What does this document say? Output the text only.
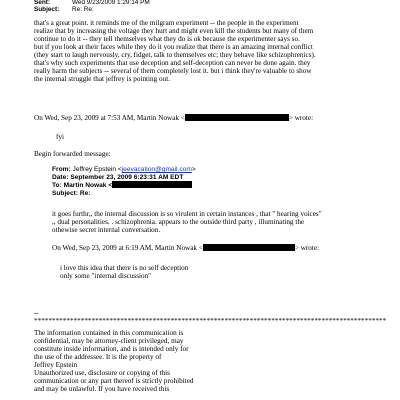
Sent:	Wed 9/23/2009 1:29:14 PM
Subject: Re: Re:
that's a great point. it reminds me of the milgram experiment -- the people in the experiment
realize that by increasing the voltage they hurt and might even kill the students but many of them
continue to do it -- they tell themselves what they do is ok because the experimenter says so.
but if you look at their faces while they do it you realize that there is an amazing internal conflict
(they start to laugh nervously, cry, fidget, talk to themselves etc; they behave like schizophrenics).
that's why such experiments that use deception and self-deception can never be done again. they
really harm the subjects -- several of them completely lost it. but i think they're valuable to show
the internal struggle that jeffrey is pointing out.
On Wed, Sep 23, 2009 at 7:53 AM, Martin Nowak <	> wrote:
fyi
Begin forwarded message:
From: Jeffrey Epstein <jeevacation@gmail.com>
Date: September 23, 2009 6:23:31 AM EDT
To: Martin Nowak <
Subject: Re:
it goes furthr,, the internal discussion is so virulent in certain instances , that " hearing voices"
,, dual personalities. . schizophrenia. appears to the outside third party , illuminating the
othewise secret internal conversation.
On Wed, Sep 23, 2009 at 6:19 AM, Martin Nowak <	> wrote:
i love this idea that there is no self deception
only some "internal discussion"
--
**************************************************************************************************
The information contained in this communication is
confidential, may be attorney-client privileged, may
constitute inside information, and is intended only for
the use of the addressee. It is the property of
Jeffrey Epstein
Unauthorized use, disclosure or copying of this
communication or any part thereof is strictly prohibited
and may be unlawful. If you have received this
